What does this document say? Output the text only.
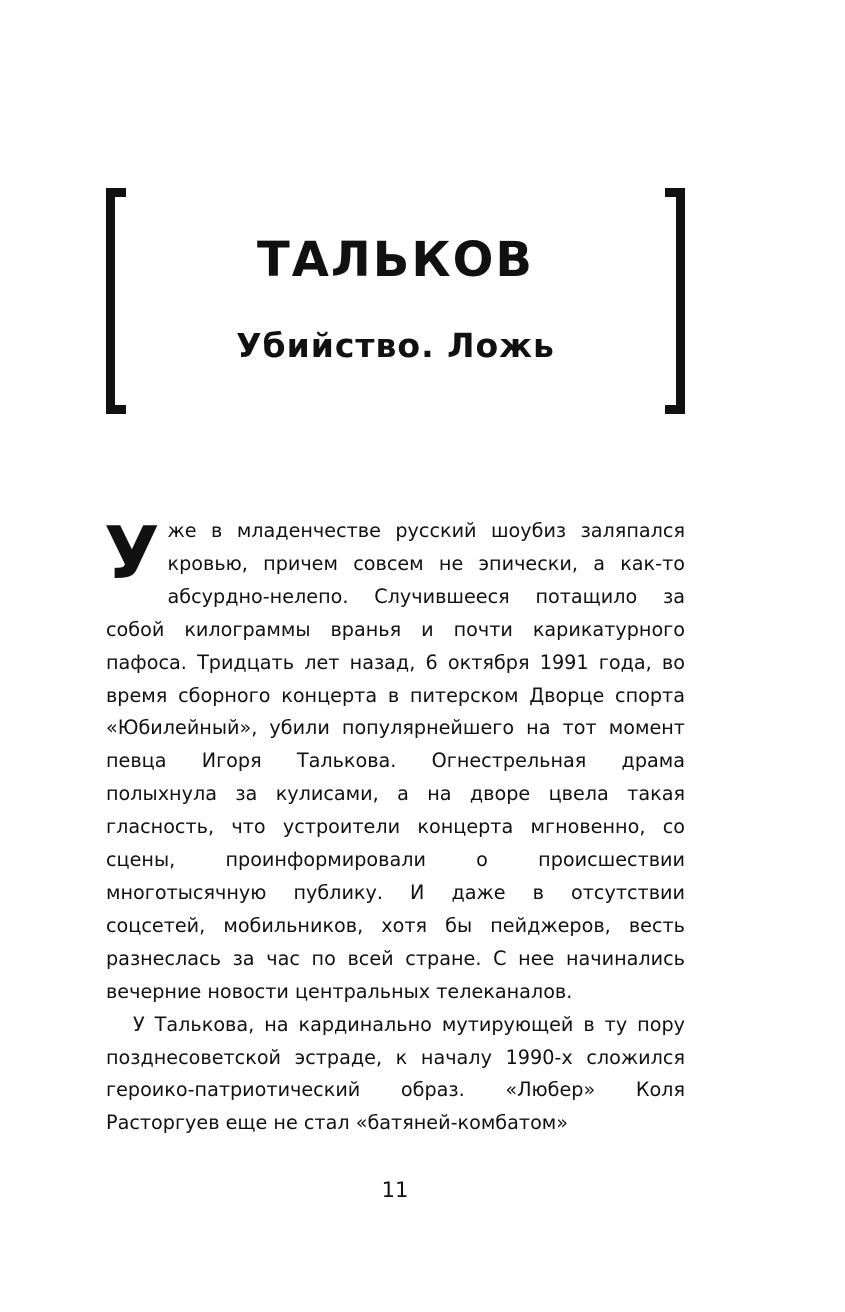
ТАЛЬКОВ
Убийство. Ложь

Уже в младенчестве русский шоубиз заляпался кровью, причем совсем не эпически, а как-то абсурдно-нелепо. Случившееся потащило за собой килограммы вранья и почти карикатурного пафоса. Тридцать лет назад, 6 октября 1991 года, во время сборного концерта в питерском Дворце спорта «Юбилейный», убили популярнейшего на тот момент певца Игоря Талькова. Огнестрельная драма полыхнула за кулисами, а на дворе цвела такая гласность, что устроители концерта мгновенно, со сцены, проинформировали о происшествии многотысячную публику. И даже в отсутствии соцсетей, мобильников, хотя бы пейджеров, весть разнеслась за час по всей стране. С нее начинались вечерние новости центральных телеканалов.

У Талькова, на кардинально мутирующей в ту пору позднесоветской эстраде, к началу 1990-х сложился героико-патриотический образ. «Любер» Коля Расторгуев еще не стал «батяней-комбатом»

11
